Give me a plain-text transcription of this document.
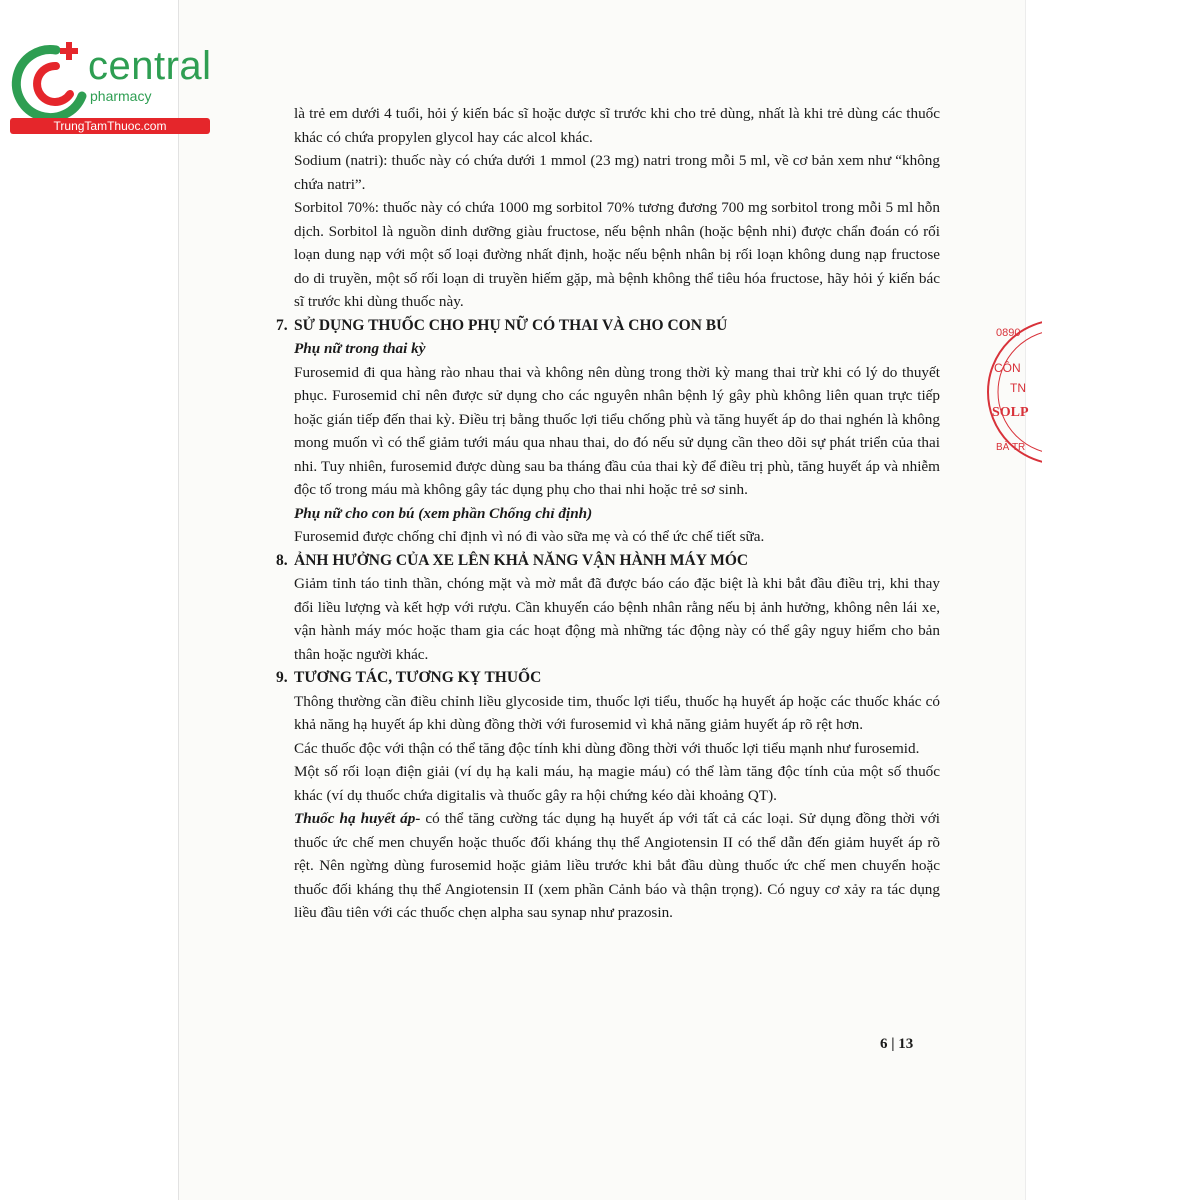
central
pharmacy
TrungTamThuoc.com

là trẻ em dưới 4 tuổi, hỏi ý kiến bác sĩ hoặc dược sĩ trước khi cho trẻ dùng, nhất là khi trẻ dùng các thuốc khác có chứa propylen glycol hay các alcol khác.

Sodium (natri): thuốc này có chứa dưới 1 mmol (23 mg) natri trong mỗi 5 ml, về cơ bản xem như “không chứa natri”.

Sorbitol 70%: thuốc này có chứa 1000 mg sorbitol 70% tương đương 700 mg sorbitol trong mỗi 5 ml hỗn dịch. Sorbitol là nguồn dinh dưỡng giàu fructose, nếu bệnh nhân (hoặc bệnh nhi) được chẩn đoán có rối loạn dung nạp với một số loại đường nhất định, hoặc nếu bệnh nhân bị rối loạn không dung nạp fructose do di truyền, một số rối loạn di truyền hiếm gặp, mà bệnh không thể tiêu hóa fructose, hãy hỏi ý kiến bác sĩ trước khi dùng thuốc này.

7. SỬ DỤNG THUỐC CHO PHỤ NỮ CÓ THAI VÀ CHO CON BÚ

Phụ nữ trong thai kỳ

Furosemid đi qua hàng rào nhau thai và không nên dùng trong thời kỳ mang thai trừ khi có lý do thuyết phục. Furosemid chỉ nên được sử dụng cho các nguyên nhân bệnh lý gây phù không liên quan trực tiếp hoặc gián tiếp đến thai kỳ. Điều trị bằng thuốc lợi tiểu chống phù và tăng huyết áp do thai nghén là không mong muốn vì có thể giảm tưới máu qua nhau thai, do đó nếu sử dụng cần theo dõi sự phát triển của thai nhi. Tuy nhiên, furosemid được dùng sau ba tháng đầu của thai kỳ để điều trị phù, tăng huyết áp và nhiễm độc tố trong máu mà không gây tác dụng phụ cho thai nhi hoặc trẻ sơ sinh.

Phụ nữ cho con bú (xem phần Chống chỉ định)

Furosemid được chống chỉ định vì nó đi vào sữa mẹ và có thể ức chế tiết sữa.

8. ẢNH HƯỞNG CỦA XE LÊN KHẢ NĂNG VẬN HÀNH MÁY MÓC

Giảm tỉnh táo tinh thần, chóng mặt và mờ mắt đã được báo cáo đặc biệt là khi bắt đầu điều trị, khi thay đổi liều lượng và kết hợp với rượu. Cần khuyến cáo bệnh nhân rằng nếu bị ảnh hưởng, không nên lái xe, vận hành máy móc hoặc tham gia các hoạt động mà những tác động này có thể gây nguy hiểm cho bản thân hoặc người khác.

9. TƯƠNG TÁC, TƯƠNG KỴ THUỐC

Thông thường cần điều chỉnh liều glycoside tim, thuốc lợi tiểu, thuốc hạ huyết áp hoặc các thuốc khác có khả năng hạ huyết áp khi dùng đồng thời với furosemid vì khả năng giảm huyết áp rõ rệt hơn.

Các thuốc độc với thận có thể tăng độc tính khi dùng đồng thời với thuốc lợi tiểu mạnh như furosemid.

Một số rối loạn điện giải (ví dụ hạ kali máu, hạ magie máu) có thể làm tăng độc tính của một số thuốc khác (ví dụ thuốc chứa digitalis và thuốc gây ra hội chứng kéo dài khoảng QT).

Thuốc hạ huyết áp- có thể tăng cường tác dụng hạ huyết áp với tất cả các loại. Sử dụng đồng thời với thuốc ức chế men chuyển hoặc thuốc đối kháng thụ thể Angiotensin II có thể dẫn đến giảm huyết áp rõ rệt. Nên ngừng dùng furosemid hoặc giảm liều trước khi bắt đầu dùng thuốc ức chế men chuyển hoặc thuốc đối kháng thụ thể Angiotensin II (xem phần Cảnh báo và thận trọng). Có nguy cơ xảy ra tác dụng liều đầu tiên với các thuốc chẹn alpha sau synap như prazosin.

6 | 13
0890
CÔN
TN
SOLP
BÀ TR
